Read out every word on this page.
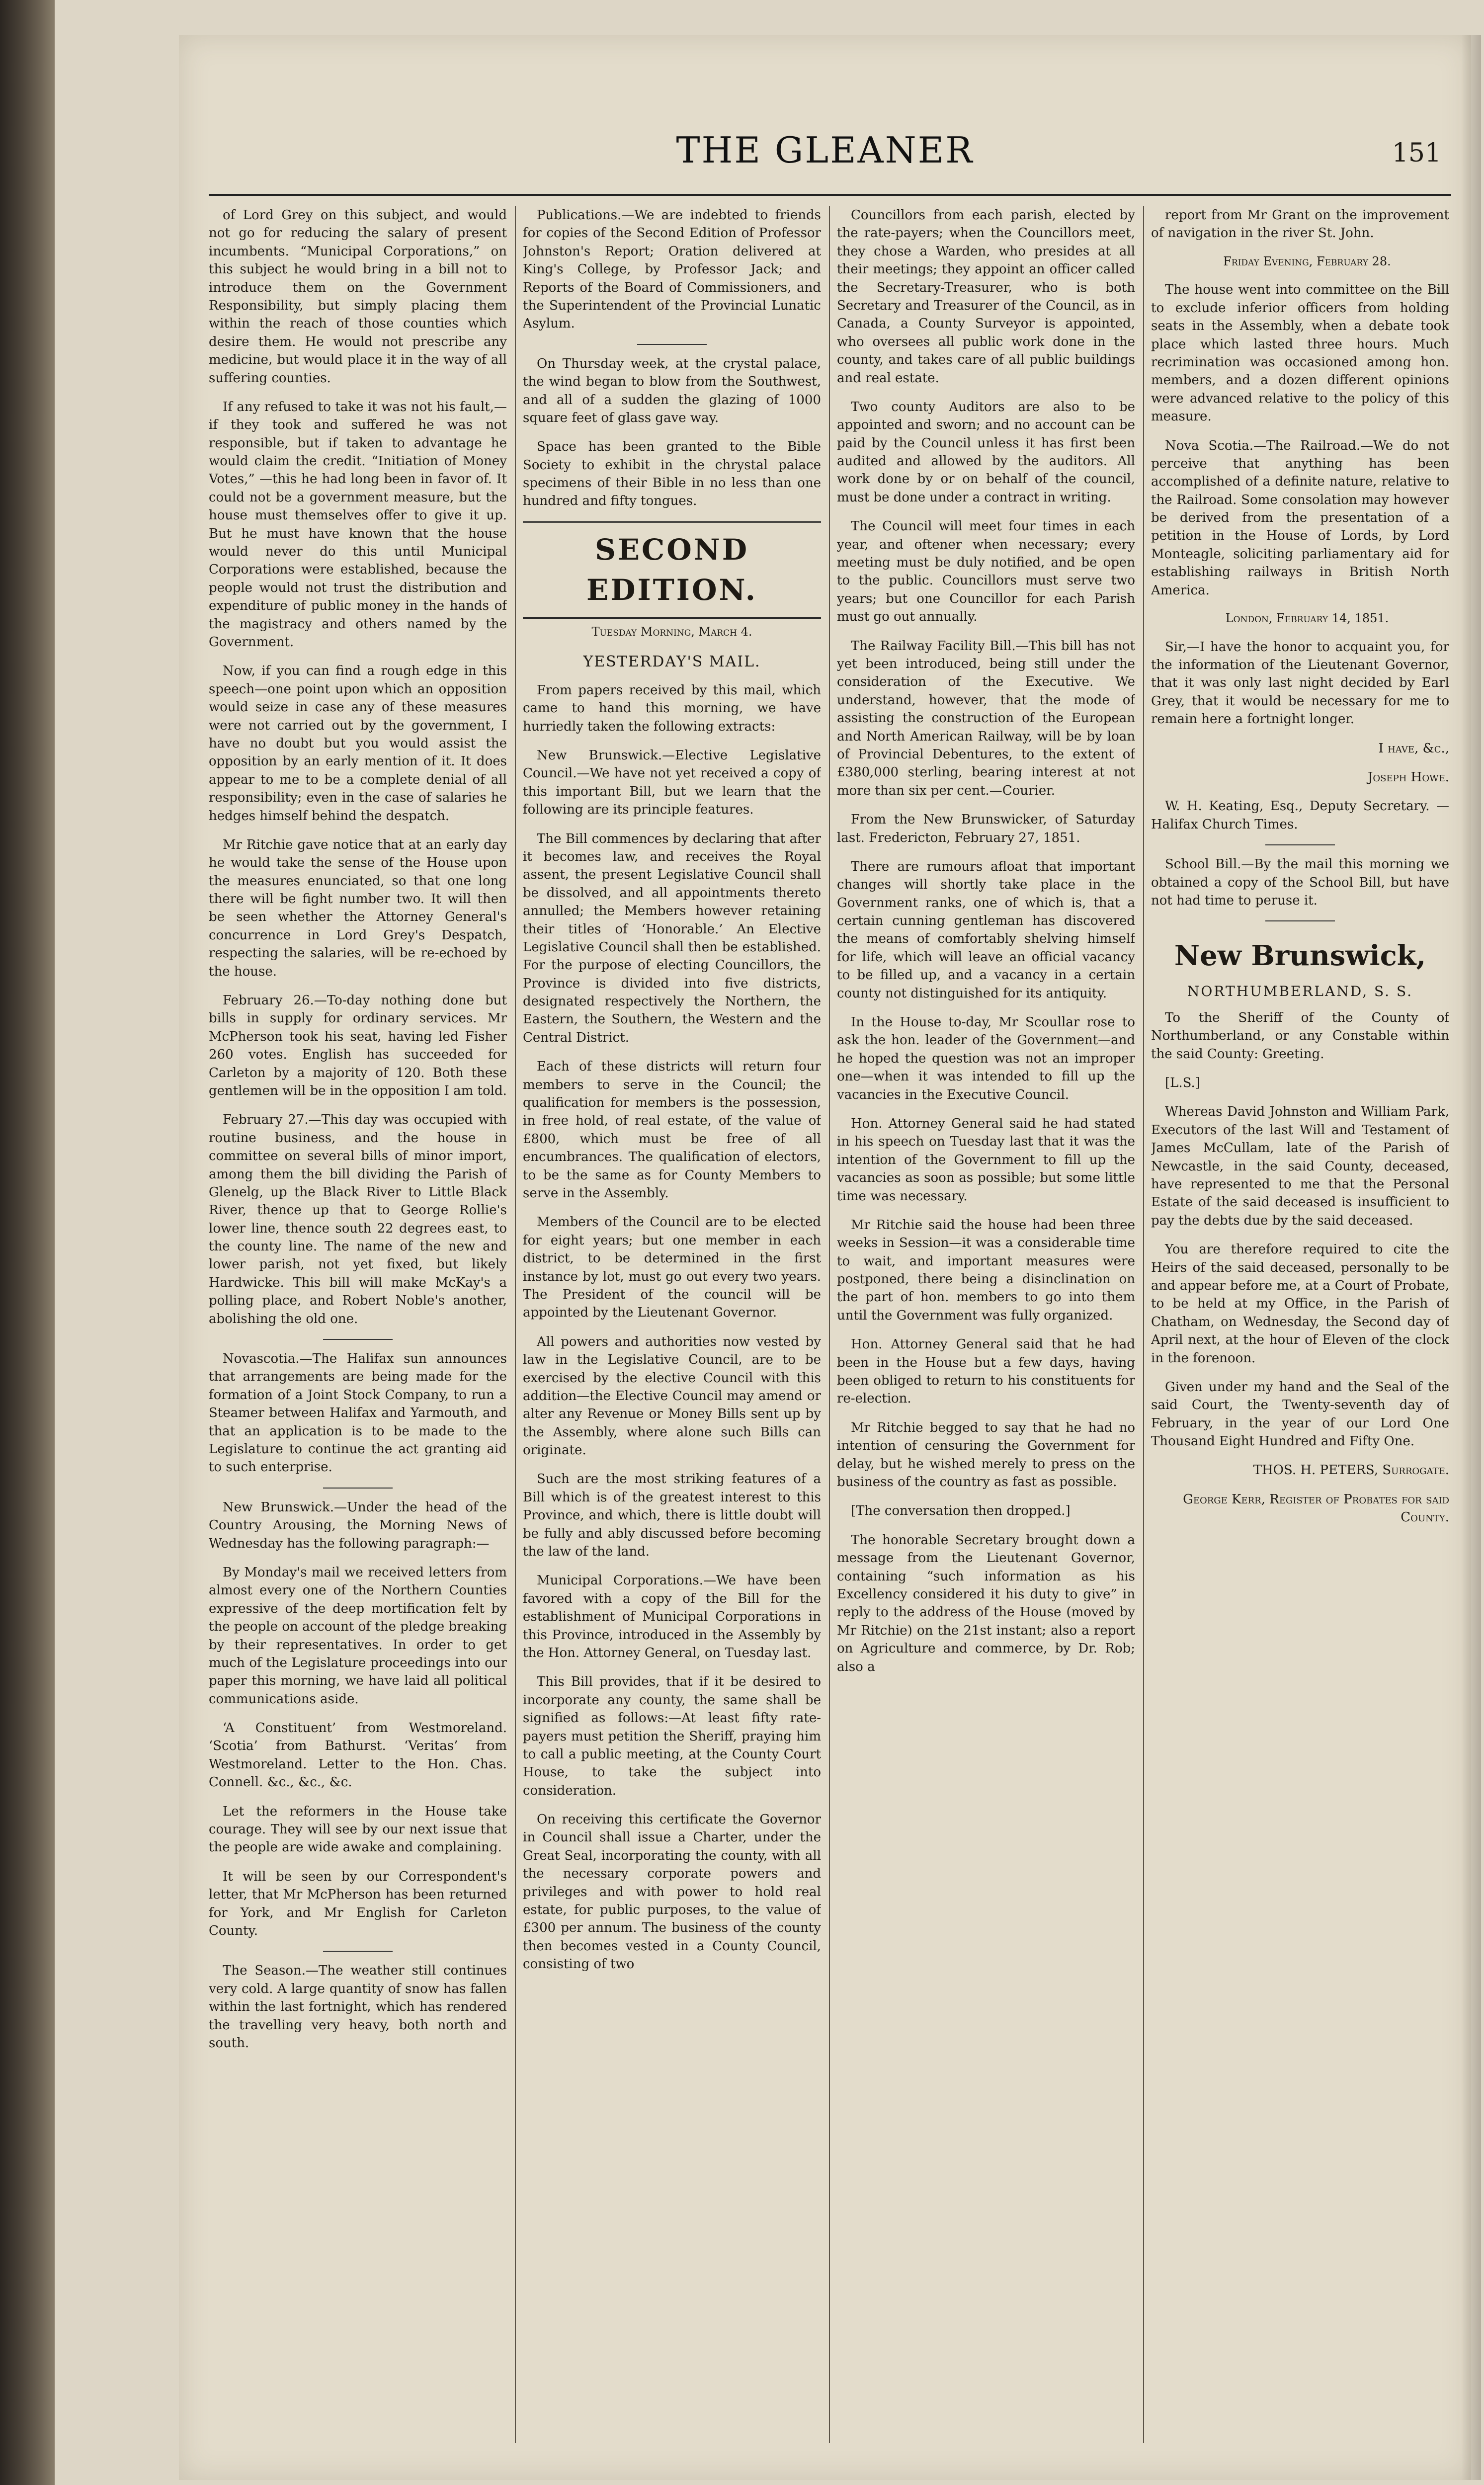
THE GLEANER	151

of Lord Grey on this subject, and would not go for reducing the salary of present incumbents. “Municipal Corporations,” on this subject he would bring in a bill not to introduce them on the Government Responsibility, but simply placing them within the reach of those counties which desire them. He would not prescribe any medicine, but would place it in the way of all suffering counties.

If any refused to take it was not his fault,—if they took and suffered he was not responsible, but if taken to advantage he would claim the credit. “Initiation of Money Votes,” —this he had long been in favor of. It could not be a government measure, but the house must themselves offer to give it up. But he must have known that the house would never do this until Municipal Corporations were established, because the people would not trust the distribution and expenditure of public money in the hands of the magistracy and others named by the Government.

Now, if you can find a rough edge in this speech—one point upon which an opposition would seize in case any of these measures were not carried out by the government, I have no doubt but you would assist the opposition by an early mention of it. It does appear to me to be a complete denial of all responsibility; even in the case of salaries he hedges himself behind the despatch.

Mr Ritchie gave notice that at an early day he would take the sense of the House upon the measures enunciated, so that one long there will be fight number two. It will then be seen whether the Attorney General's concurrence in Lord Grey's Despatch, respecting the salaries, will be re-echoed by the house.

February 26.—To-day nothing done but bills in supply for ordinary services. Mr McPherson took his seat, having led Fisher 260 votes. English has succeeded for Carleton by a majority of 120. Both these gentlemen will be in the opposition I am told.

February 27.—This day was occupied with routine business, and the house in committee on several bills of minor import, among them the bill dividing the Parish of Glenelg, up the Black River to Little Black River, thence up that to George Rollie's lower line, thence south 22 degrees east, to the county line. The name of the new and lower parish, not yet fixed, but likely Hardwicke. This bill will make McKay's a polling place, and Robert Noble's another, abolishing the old one.

Novascotia.—The Halifax sun announces that arrangements are being made for the formation of a Joint Stock Company, to run a Steamer between Halifax and Yarmouth, and that an application is to be made to the Legislature to continue the act granting aid to such enterprise.

New Brunswick.—Under the head of the Country Arousing, the Morning News of Wednesday has the following paragraph:—

By Monday's mail we received letters from almost every one of the Northern Counties expressive of the deep mortification felt by the people on account of the pledge breaking by their representatives. In order to get much of the Legislature proceedings into our paper this morning, we have laid all political communications aside.

‘A Constituent’ from Westmoreland. ‘Scotia’ from Bathurst. ‘Veritas’ from Westmoreland. Letter to the Hon. Chas. Connell. &c., &c., &c.

Let the reformers in the House take courage. They will see by our next issue that the people are wide awake and complaining.

It will be seen by our Correspondent's letter, that Mr McPherson has been returned for York, and Mr English for Carleton County.

The Season.—The weather still continues very cold. A large quantity of snow has fallen within the last fortnight, which has rendered the travelling very heavy, both north and south.

Publications.—We are indebted to friends for copies of the Second Edition of Professor Johnston's Report; Oration delivered at King's College, by Professor Jack; and Reports of the Board of Commissioners, and the Superintendent of the Provincial Lunatic Asylum.

On Thursday week, at the crystal palace, the wind began to blow from the Southwest, and all of a sudden the glazing of 1000 square feet of glass gave way.

Space has been granted to the Bible Society to exhibit in the chrystal palace specimens of their Bible in no less than one hundred and fifty tongues.

SECOND EDITION.
Tuesday Morning, March 4.
YESTERDAY'S MAIL.

From papers received by this mail, which came to hand this morning, we have hurriedly taken the following extracts:

New Brunswick.—Elective Legislative Council.—We have not yet received a copy of this important Bill, but we learn that the following are its principle features.

The Bill commences by declaring that after it becomes law, and receives the Royal assent, the present Legislative Council shall be dissolved, and all appointments thereto annulled; the Members however retaining their titles of ‘Honorable.’ An Elective Legislative Council shall then be established. For the purpose of electing Councillors, the Province is divided into five districts, designated respectively the Northern, the Eastern, the Southern, the Western and the Central District.

Each of these districts will return four members to serve in the Council; the qualification for members is the possession, in free hold, of real estate, of the value of £800, which must be free of all encumbrances. The qualification of electors, to be the same as for County Members to serve in the Assembly.

Members of the Council are to be elected for eight years; but one member in each district, to be determined in the first instance by lot, must go out every two years. The President of the council will be appointed by the Lieutenant Governor.

All powers and authorities now vested by law in the Legislative Council, are to be exercised by the elective Council with this addition—the Elective Council may amend or alter any Revenue or Money Bills sent up by the Assembly, where alone such Bills can originate.

Such are the most striking features of a Bill which is of the greatest interest to this Province, and which, there is little doubt will be fully and ably discussed before becoming the law of the land.

Municipal Corporations.—We have been favored with a copy of the Bill for the establishment of Municipal Corporations in this Province, introduced in the Assembly by the Hon. Attorney General, on Tuesday last.

This Bill provides, that if it be desired to incorporate any county, the same shall be signified as follows:—At least fifty rate-payers must petition the Sheriff, praying him to call a public meeting, at the County Court House, to take the subject into consideration.

On receiving this certificate the Governor in Council shall issue a Charter, under the Great Seal, incorporating the county, with all the necessary corporate powers and privileges and with power to hold real estate, for public purposes, to the value of £300 per annum. The business of the county then becomes vested in a County Council, consisting of two

Councillors from each parish, elected by the rate-payers; when the Councillors meet, they chose a Warden, who presides at all their meetings; they appoint an officer called the Secretary-Treasurer, who is both Secretary and Treasurer of the Council, as in Canada, a County Surveyor is appointed, who oversees all public work done in the county, and takes care of all public buildings and real estate.

Two county Auditors are also to be appointed and sworn; and no account can be paid by the Council unless it has first been audited and allowed by the auditors. All work done by or on behalf of the council, must be done under a contract in writing.

The Council will meet four times in each year, and oftener when necessary; every meeting must be duly notified, and be open to the public. Councillors must serve two years; but one Councillor for each Parish must go out annually.

The Railway Facility Bill.—This bill has not yet been introduced, being still under the consideration of the Executive. We understand, however, that the mode of assisting the construction of the European and North American Railway, will be by loan of Provincial Debentures, to the extent of £380,000 sterling, bearing interest at not more than six per cent.—Courier.

From the New Brunswicker, of Saturday last. Fredericton, February 27, 1851.

There are rumours afloat that important changes will shortly take place in the Government ranks, one of which is, that a certain cunning gentleman has discovered the means of comfortably shelving himself for life, which will leave an official vacancy to be filled up, and a vacancy in a certain county not distinguished for its antiquity.

In the House to-day, Mr Scoullar rose to ask the hon. leader of the Government—and he hoped the question was not an improper one—when it was intended to fill up the vacancies in the Executive Council.

Hon. Attorney General said he had stated in his speech on Tuesday last that it was the intention of the Government to fill up the vacancies as soon as possible; but some little time was necessary.

Mr Ritchie said the house had been three weeks in Session—it was a considerable time to wait, and important measures were postponed, there being a disinclination on the part of hon. members to go into them until the Government was fully organized.

Hon. Attorney General said that he had been in the House but a few days, having been obliged to return to his constituents for re-election.

Mr Ritchie begged to say that he had no intention of censuring the Government for delay, but he wished merely to press on the business of the country as fast as possible.

[The conversation then dropped.]

The honorable Secretary brought down a message from the Lieutenant Governor, containing “such information as his Excellency considered it his duty to give” in reply to the address of the House (moved by Mr Ritchie) on the 21st instant; also a report on Agriculture and commerce, by Dr. Rob; also a

report from Mr Grant on the improvement of navigation in the river St. John.

Friday Evening, February 28.

The house went into committee on the Bill to exclude inferior officers from holding seats in the Assembly, when a debate took place which lasted three hours. Much recrimination was occasioned among hon. members, and a dozen different opinions were advanced relative to the policy of this measure.

Nova Scotia.—The Railroad.—We do not perceive that anything has been accomplished of a definite nature, relative to the Railroad. Some consolation may however be derived from the presentation of a petition in the House of Lords, by Lord Monteagle, soliciting parliamentary aid for establishing railways in British North America.

London, February 14, 1851.

Sir,—I have the honor to acquaint you, for the information of the Lieutenant Governor, that it was only last night decided by Earl Grey, that it would be necessary for me to remain here a fortnight longer.

I have, &c.,

Joseph Howe.

W. H. Keating, Esq., Deputy Secretary. —Halifax Church Times.

School Bill.—By the mail this morning we obtained a copy of the School Bill, but have not had time to peruse it.

New Brunswick,
NORTHUMBERLAND, S. S.

To the Sheriff of the County of Northumberland, or any Constable within the said County: Greeting.

[L.S.]

Whereas David Johnston and William Park, Executors of the last Will and Testament of James McCullam, late of the Parish of Newcastle, in the said County, deceased, have represented to me that the Personal Estate of the said deceased is insufficient to pay the debts due by the said deceased.

You are therefore required to cite the Heirs of the said deceased, personally to be and appear before me, at a Court of Probate, to be held at my Office, in the Parish of Chatham, on Wednesday, the Second day of April next, at the hour of Eleven of the clock in the forenoon.

Given under my hand and the Seal of the said Court, the Twenty-seventh day of February, in the year of our Lord One Thousand Eight Hundred and Fifty One.

THOS. H. PETERS, Surrogate.

George Kerr, Register of Probates for said County.
